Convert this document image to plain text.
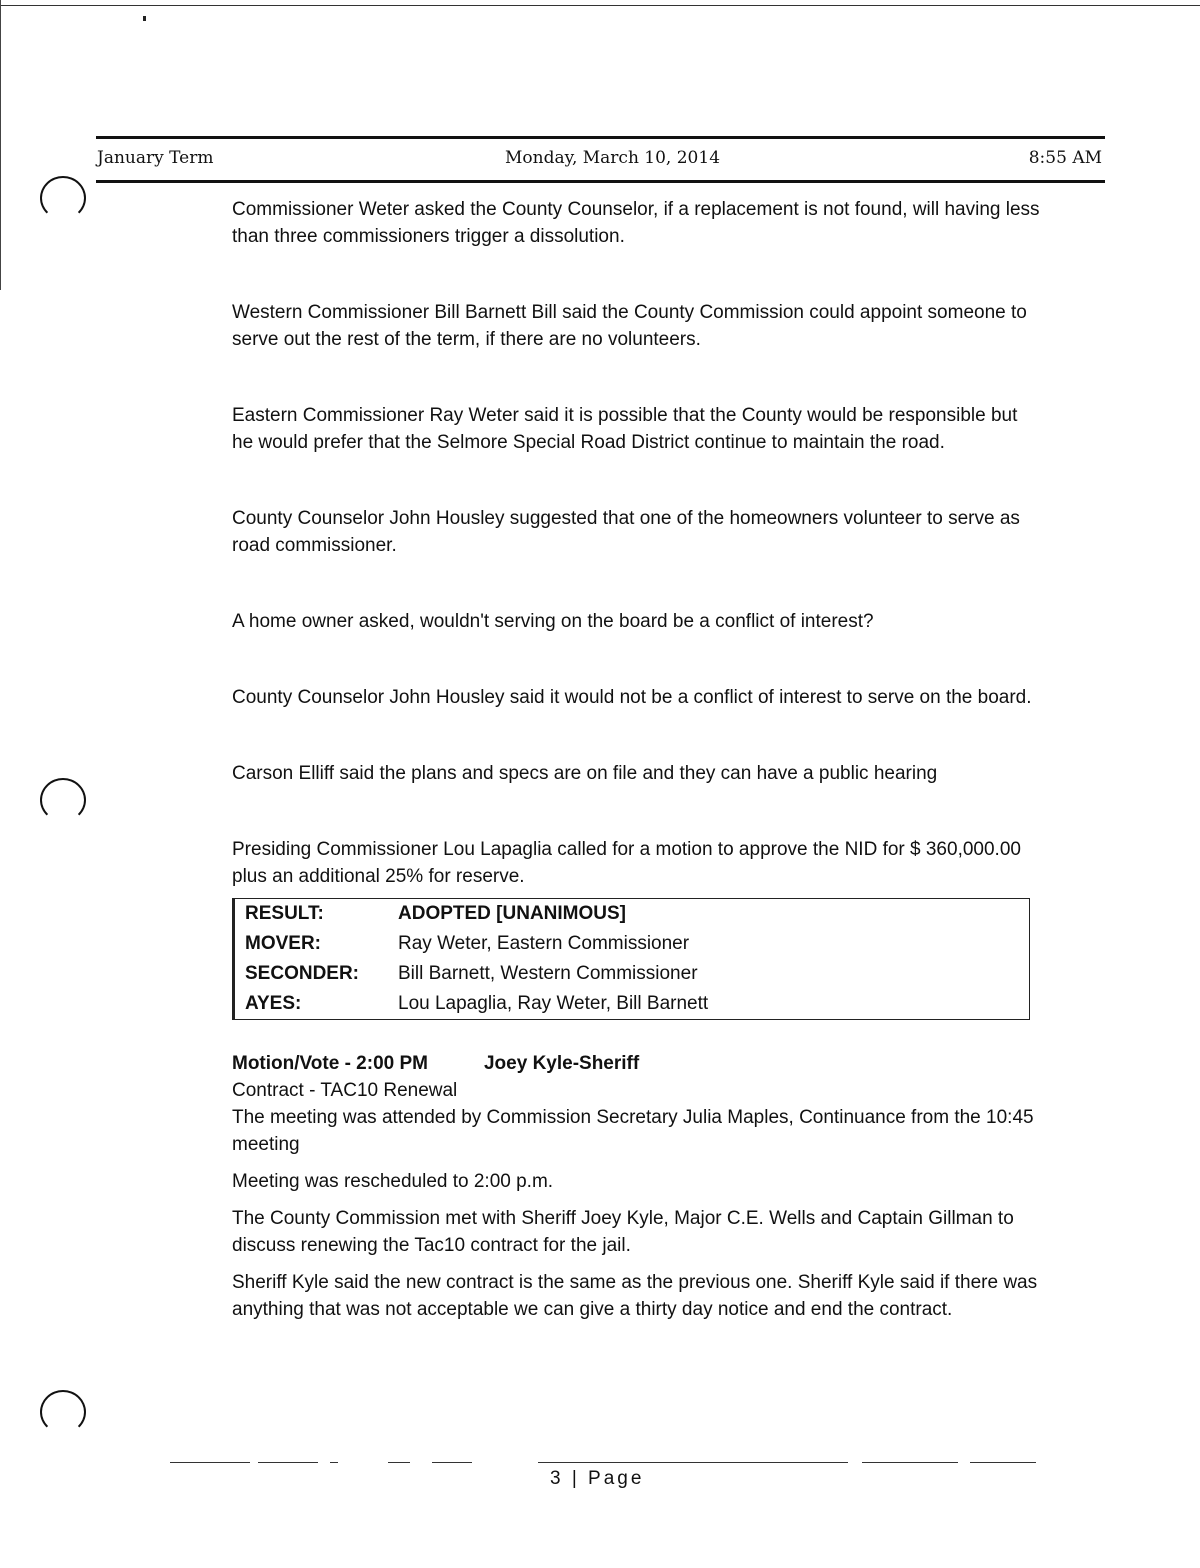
January Term	Monday, March 10, 2014	8:55 AM

Commissioner Weter asked the County Counselor, if a replacement is not found, will having less than three commissioners trigger a dissolution.

Western Commissioner Bill Barnett Bill said the County Commission could appoint someone to serve out the rest of the term, if there are no volunteers.

Eastern Commissioner Ray Weter said it is possible that the County would be responsible but he would prefer that the Selmore Special Road District continue to maintain the road.

County Counselor John Housley suggested that one of the homeowners volunteer to serve as road commissioner.

A home owner asked, wouldn't serving on the board be a conflict of interest?

County Counselor John Housley said it would not be a conflict of interest to serve on the board.

Carson Elliff said the plans and specs are on file and they can have a public hearing

Presiding Commissioner Lou Lapaglia called for a motion to approve the NID for $ 360,000.00 plus an additional 25% for reserve.

RESULT:	ADOPTED [UNANIMOUS]
MOVER:	Ray Weter, Eastern Commissioner
SECONDER:	Bill Barnett, Western Commissioner
AYES:	Lou Lapaglia, Ray Weter, Bill Barnett

Motion/Vote - 2:00 PM	Joey Kyle-Sheriff

Contract - TAC10 Renewal

The meeting was attended by Commission Secretary Julia Maples, Continuance from the 10:45 meeting

Meeting was rescheduled to 2:00 p.m.

The County Commission met with Sheriff Joey Kyle, Major C.E. Wells and Captain Gillman to discuss renewing the Tac10 contract for the jail.

Sheriff Kyle said the new contract is the same as the previous one. Sheriff Kyle said if there was anything that was not acceptable we can give a thirty day notice and end the contract.

3 | Page
